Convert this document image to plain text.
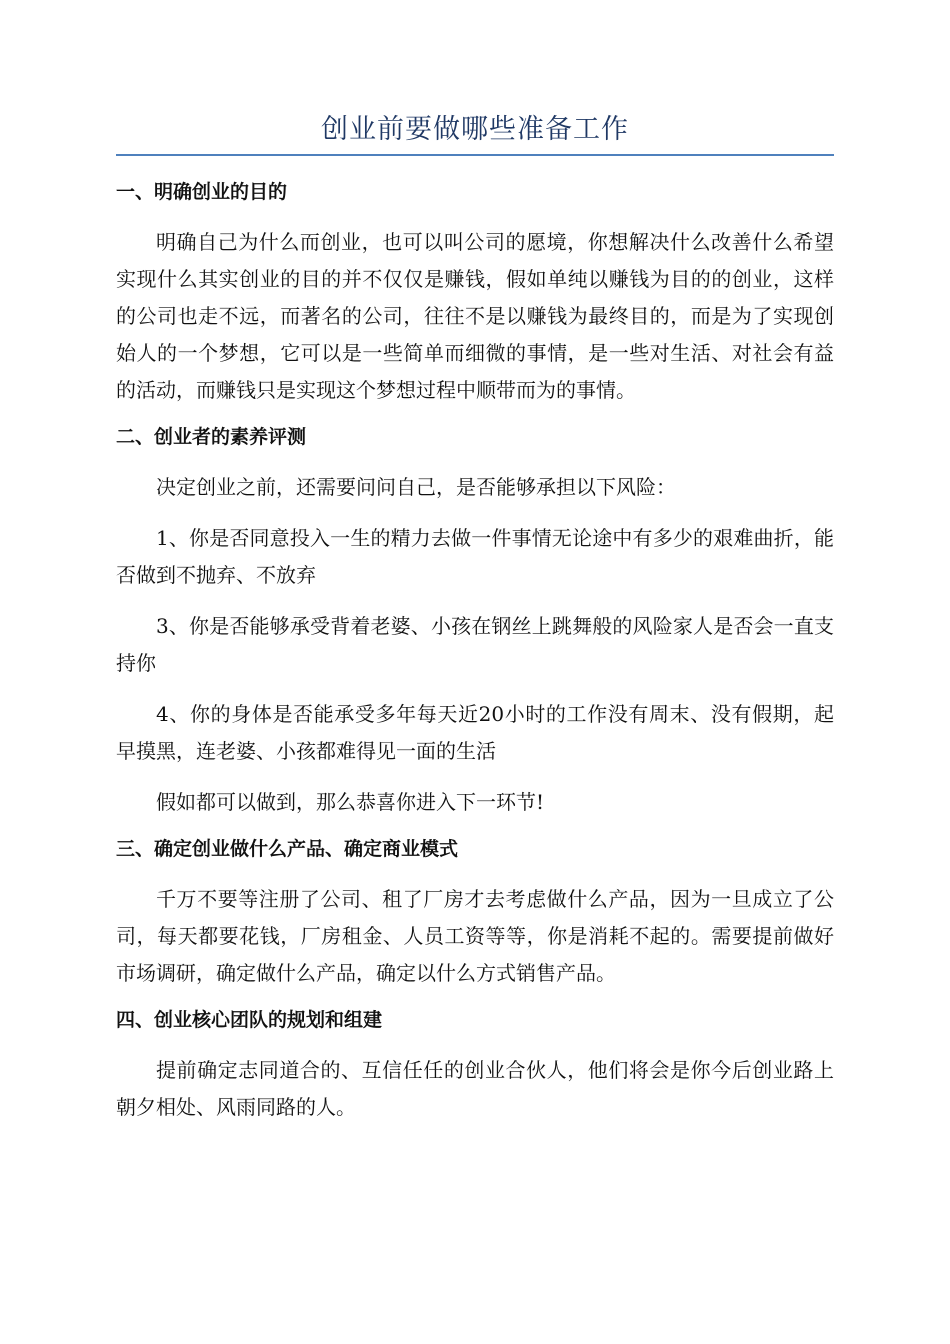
创业前要做哪些准备工作
一、明确创业的目的

明确自己为什么而创业，也可以叫公司的愿境，你想解决什么改善什么希望实现什么其实创业的目的并不仅仅是赚钱，假如单纯以赚钱为目的的创业，这样的公司也走不远，而著名的公司，往往不是以赚钱为最终目的，而是为了实现创始人的一个梦想，它可以是一些简单而细微的事情，是一些对生活、对社会有益的活动，而赚钱只是实现这个梦想过程中顺带而为的事情。

二、创业者的素养评测

决定创业之前，还需要问问自己，是否能够承担以下风险：

1、你是否同意投入一生的精力去做一件事情无论途中有多少的艰难曲折，能否做到不抛弃、不放弃

3、你是否能够承受背着老婆、小孩在钢丝上跳舞般的风险家人是否会一直支持你

4、你的身体是否能承受多年每天近20小时的工作没有周末、没有假期，起早摸黑，连老婆、小孩都难得见一面的生活

假如都可以做到，那么恭喜你进入下一环节!

三、确定创业做什么产品、确定商业模式

千万不要等注册了公司、租了厂房才去考虑做什么产品，因为一旦成立了公司，每天都要花钱，厂房租金、人员工资等等，你是消耗不起的。需要提前做好市场调研，确定做什么产品，确定以什么方式销售产品。

四、创业核心团队的规划和组建

提前确定志同道合的、互信任任的创业合伙人，他们将会是你今后创业路上朝夕相处、风雨同路的人。
